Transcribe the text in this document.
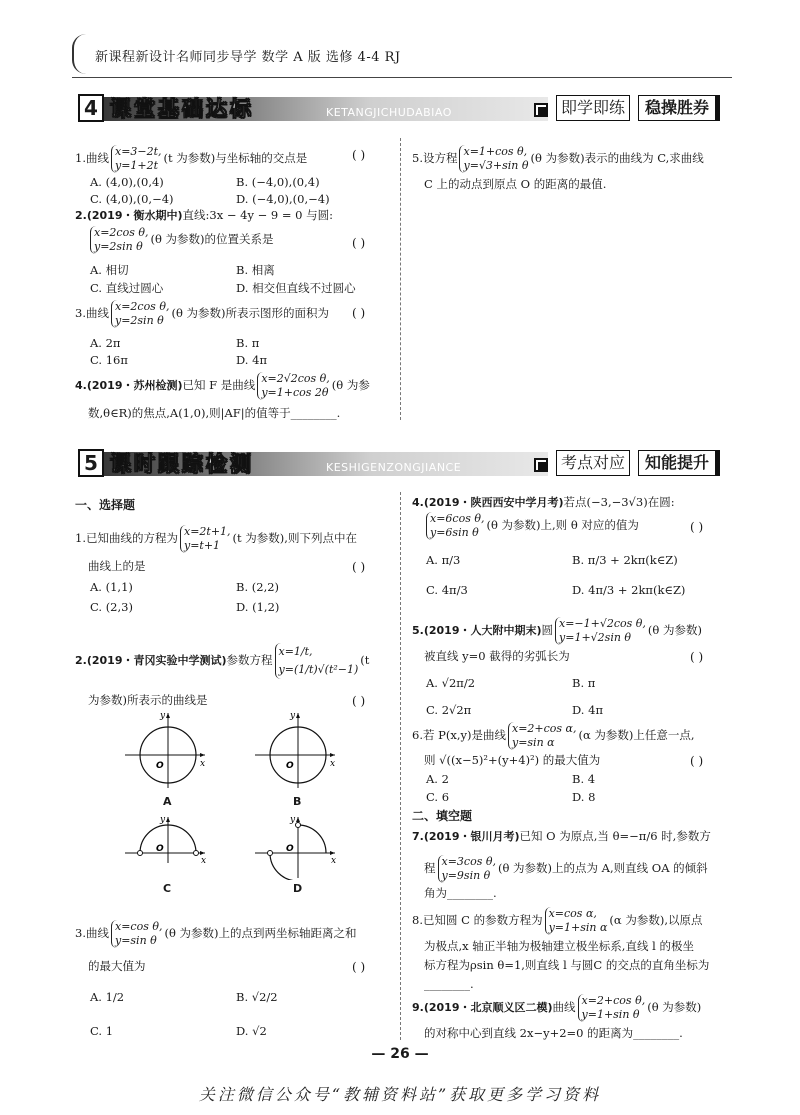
新课程新设计名师同步导学 数学 A 版 选修 4-4 RJ
4 课堂基础达标	KETANGJICHUDABIAO	即学即练	稳操胜券
1.曲线 x=3−2t,
y=1+2t(t 为参数)与坐标轴的交点是	( )
A. (4,0),(0,4)	B. (−4,0),(0,4)
C. (4,0),(0,−4)	D. (−4,0),(0,−4)
2.(2019・衡水期中)直线:3x − 4y − 9 = 0 与圆:
x=2cos θ,
y=2sin θ(θ 为参数)的位置关系是	( )
A. 相切	B. 相离
C. 直线过圆心	D. 相交但直线不过圆心
3.曲线 x=2cos θ,
y=2sin θ(θ 为参数)所表示图形的面积为 ( )
A. 2π	B. π
C. 16π	D. 4π
4.(2019・苏州检测)已知 F 是曲线 x=2√2cos θ,
y=1+cos 2θ(θ 为参
数,θ∈R)的焦点,A(1,0),则|AF|的值等于________.
5.设方程 x=1+cos θ,
y=√3+sin θ(θ 为参数)表示的曲线为 C,求曲线
C 上的动点到原点 O 的距离的最值.
5 课时跟踪检测	KESHIGENZONGJIANCE	考点对应	知能提升
一、选择题
1.已知曲线的方程为 x=2t+1,
y=t+1(t 为参数),则下列点中在
曲线上的是	( )
A. (1,1)	B. (2,2)
C. (2,3)	D. (1,2)
2.(2019・青冈实验中学测试)参数方程x=1/t,
y=(1/t)√(t²−1)(t
为参数)所表示的曲线是	( )
O	x
y
A
O	x
y
B
O
x
y
C
O
x
y
D
3.曲线 x=cos θ,
y=sin θ(θ 为参数)上的点到两坐标轴距离之和
的最大值为	( )
A. 1/2	B. √2/2
C. 1	D. √2
4.(2019・陕西西安中学月考)若点(−3,−3√3)在圆:
x=6cos θ,
y=6sin θ(θ 为参数)上,则 θ 对应的值为	( )
A. π/3	B. π/3 + 2kπ(k∈Z)
C. 4π/3	D. 4π/3 + 2kπ(k∈Z)
5.(2019・人大附中期末)圆 x=−1+√2cos θ,
y=1+√2sin θ(θ 为参数)
被直线 y=0 截得的劣弧长为	( )
A. √2π/2	B. π
C. 2√2π	D. 4π
6.若 P(x,y)是曲线 x=2+cos α,
y=sin α(α 为参数)上任意一点,
则 √((x−5)²+(y+4)²) 的最大值为	( )
A. 2	B. 4
C. 6	D. 8
二、填空题
7.(2019・银川月考)已知 O 为原点,当 θ=−π/6 时,参数方
程 x=3cos θ,
y=9sin θ(θ 为参数)上的点为 A,则直线 OA 的倾斜
角为________.
8.已知圆 C 的参数方程为 x=cos α,
y=1+sin α(α 为参数),以原点
为极点,x 轴正半轴为极轴建立极坐标系,直线 l 的极坐
标方程为ρsin θ=1,则直线 l 与圆C 的交点的直角坐标为
________.
9.(2019・北京顺义区二模)曲线 x=2+cos θ,
y=1+sin θ(θ 为参数)
的对称中心到直线 2x−y+2=0 的距离为________.
— 26 —
关注微信公众号“教辅资料站”获取更多学习资料
